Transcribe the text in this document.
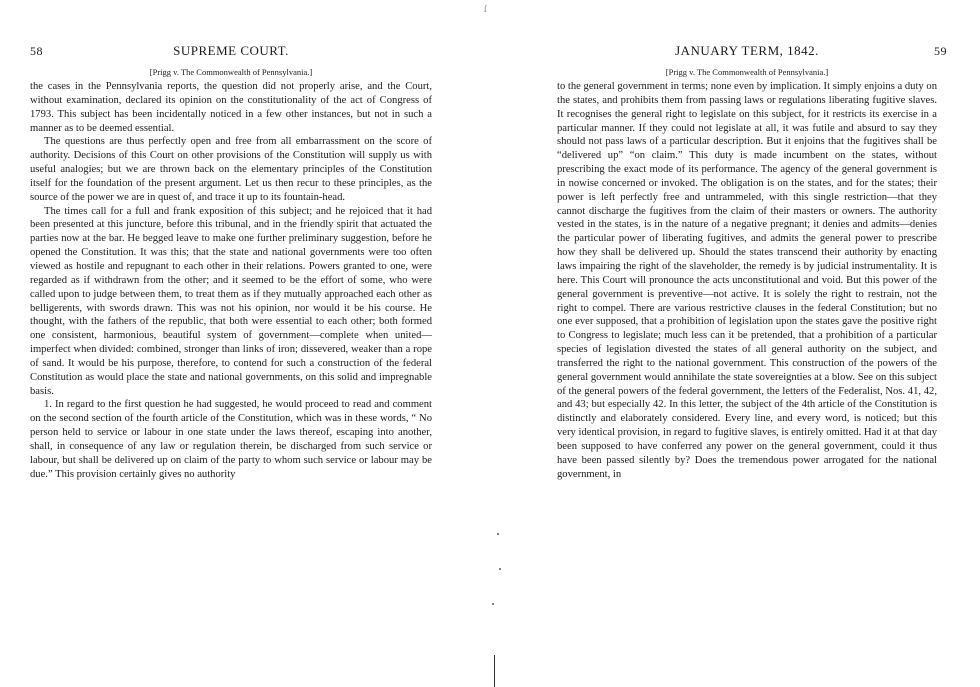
ſ
58	SUPREME COURT.
[Prigg v. The Commonwealth of Pennsylvania.]

the cases in the Pennsylvania reports, the question did not properly arise, and the Court, without examination, declared its opinion on the constitutionality of the act of Congress of 1793. This subject has been incidentally noticed in a few other instances, but not in such a manner as to be deemed essential.

The questions are thus perfectly open and free from all embarrassment on the score of authority. Decisions of this Court on other provisions of the Constitution will supply us with useful analogies; but we are thrown back on the elementary principles of the Constitution itself for the foundation of the present argument. Let us then recur to these principles, as the source of the power we are in quest of, and trace it up to its fountain-head.

The times call for a full and frank exposition of this subject; and he rejoiced that it had been presented at this juncture, before this tribunal, and in the friendly spirit that actuated the parties now at the bar. He begged leave to make one further preliminary suggestion, before he opened the Constitution. It was this; that the state and national governments were too often viewed as hostile and repugnant to each other in their relations. Powers granted to one, were regarded as if withdrawn from the other; and it seemed to be the effort of some, who were called upon to judge between them, to treat them as if they mutually approached each other as belligerents, with swords drawn. This was not his opinion, nor would it be his course. He thought, with the fathers of the republic, that both were essential to each other; both formed one consistent, harmonious, beautiful system of government—complete when united—imperfect when divided: combined, stronger than links of iron; dissevered, weaker than a rope of sand. It would be his purpose, therefore, to contend for such a construction of the federal Constitution as would place the state and national governments, on this solid and impregnable basis.

1. In regard to the first question he had suggested, he would proceed to read and comment on the second section of the fourth article of the Constitution, which was in these words, “ No person held to service or labour in one state under the laws thereof, escaping into another, shall, in consequence of any law or regulation therein, be discharged from such service or labour, but shall be delivered up on claim of the party to whom such service or labour may be due.” This provision certainly gives no authority

JANUARY TERM, 1842.	59
[Prigg v. The Commonwealth of Pennsylvania.]

to the general government in terms; none even by implication. It simply enjoins a duty on the states, and prohibits them from passing laws or regulations liberating fugitive slaves. It recognises the general right to legislate on this subject, for it restricts its exercise in a particular manner. If they could not legislate at all, it was futile and absurd to say they should not pass laws of a particular description. But it enjoins that the fugitives shall be “delivered up” “on claim.” This duty is made incumbent on the states, without prescribing the exact mode of its performance. The agency of the general government is in nowise concerned or invoked. The obligation is on the states, and for the states; their power is left perfectly free and untrammeled, with this single restriction—that they cannot discharge the fugitives from the claim of their masters or owners. The authority vested in the states, is in the nature of a negative pregnant; it denies and admits—denies the particular power of liberating fugitives, and admits the general power to prescribe how they shall be delivered up. Should the states transcend their authority by enacting laws impairing the right of the slaveholder, the remedy is by judicial instrumentality. It is here. This Court will pronounce the acts unconstitutional and void. But this power of the general government is preventive—not active. It is solely the right to restrain, not the right to compel. There are various restrictive clauses in the federal Constitution; but no one ever supposed, that a prohibition of legislation upon the states gave the positive right to Congress to legislate; much less can it be pretended, that a prohibition of a particular species of legislation divested the states of all general authority on the subject, and transferred the right to the national government. This construction of the powers of the general government would annihilate the state sovereignties at a blow. See on this subject of the general powers of the federal government, the letters of the Federalist, Nos. 41, 42, and 43; but especially 42. In this letter, the subject of the 4th article of the Constitution is distinctly and elaborately considered. Every line, and every word, is noticed; but this very identical provision, in regard to fugitive slaves, is entirely omitted. Had it at that day been supposed to have conferred any power on the general government, could it thus have been passed silently by? Does the tremendous power arrogated for the national government, in
